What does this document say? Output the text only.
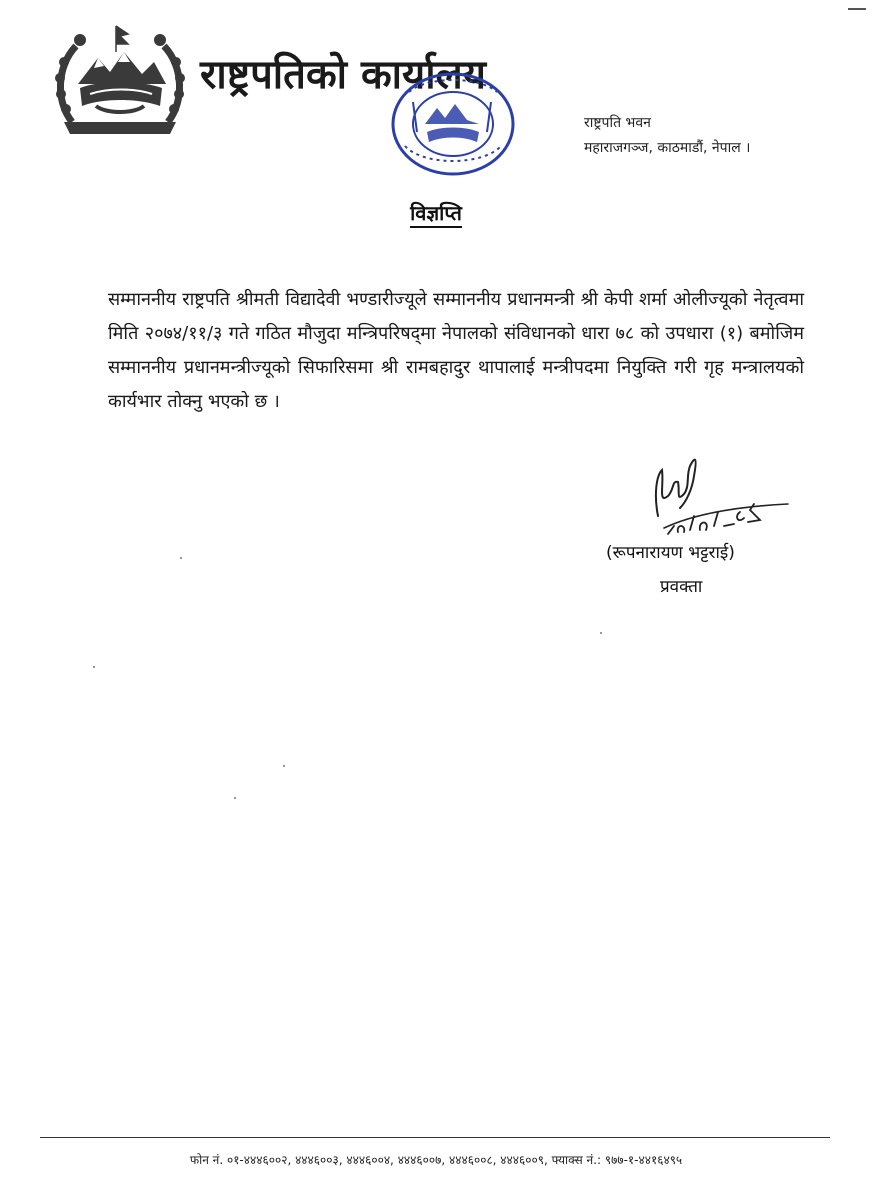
राष्ट्रपतिको कार्यालय
राष्ट्रपति भवन
महाराजगञ्ज, काठमाडौं, नेपाल ।
विज्ञप्ति

सम्माननीय राष्ट्रपति श्रीमती विद्यादेवी भण्डारीज्यूले सम्माननीय प्रधानमन्त्री श्री केपी शर्मा ओलीज्यूको नेतृत्वमा मिति २०७४/११/३ गते गठित मौजुदा मन्त्रिपरिषद्‌मा नेपालको संविधानको धारा ७८ को उपधारा (१) बमोजिम सम्माननीय प्रधानमन्त्रीज्यूको सिफारिसमा श्री रामबहादुर थापालाई मन्त्रीपदमा नियुक्ति गरी गृह मन्त्रालयको कार्यभार तोक्नु भएको छ ।

(रूपनारायण भट्टराई)
प्रवक्ता
फोन नं. ०१-४४४६००२, ४४४६००३, ४४४६००४, ४४४६००७, ४४४६००८, ४४४६००९, फ्याक्स नं.: ९७७-१-४४१६४९५
